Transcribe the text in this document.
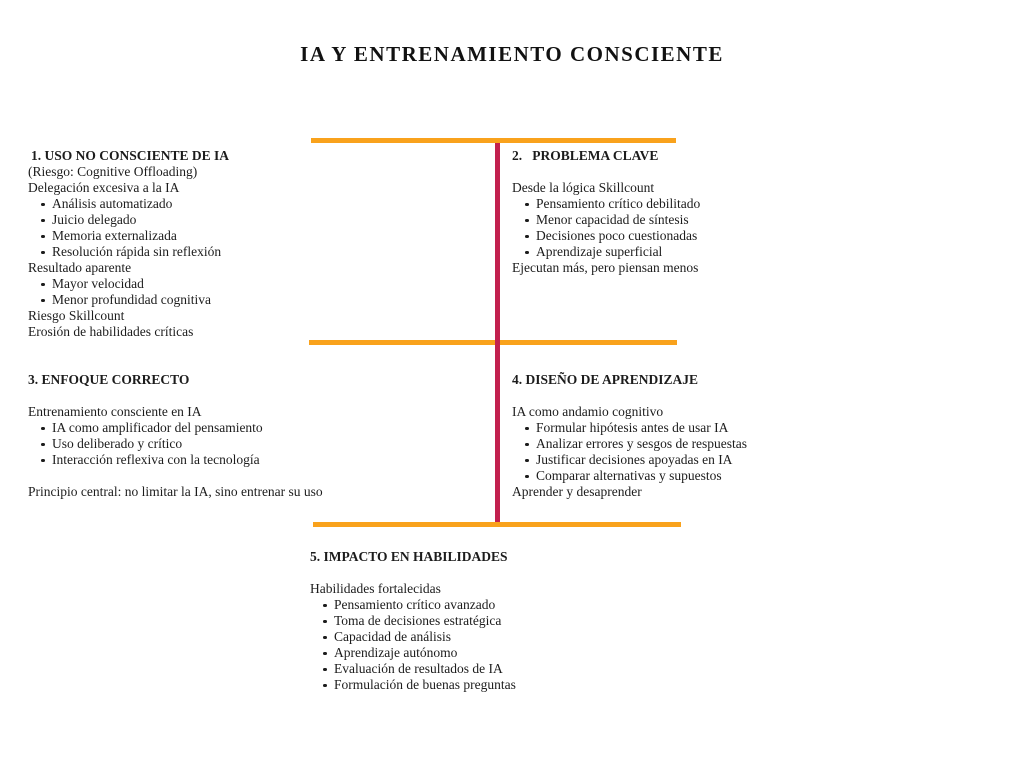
IA Y ENTRENAMIENTO CONSCIENTE
1. USO NO CONSCIENTE DE IA
(Riesgo: Cognitive Offloading)
Delegación excesiva a la IA
Análisis automatizado
Juicio delegado
Memoria externalizada
Resolución rápida sin reflexión
Resultado aparente
Mayor velocidad
Menor profundidad cognitiva
Riesgo Skillcount
Erosión de habilidades críticas
2.   PROBLEMA CLAVE
Desde la lógica Skillcount
Pensamiento crítico debilitado
Menor capacidad de síntesis
Decisiones poco cuestionadas
Aprendizaje superficial
Ejecutan más, pero piensan menos
3. ENFOQUE CORRECTO
Entrenamiento consciente en IA
IA como amplificador del pensamiento
Uso deliberado y crítico
Interacción reflexiva con la tecnología
Principio central: no limitar la IA, sino entrenar su uso
4. DISEÑO DE APRENDIZAJE
IA como andamio cognitivo
Formular hipótesis antes de usar IA
Analizar errores y sesgos de respuestas
Justificar decisiones apoyadas en IA
Comparar alternativas y supuestos
Aprender y desaprender
5. IMPACTO EN HABILIDADES
Habilidades fortalecidas
Pensamiento crítico avanzado
Toma de decisiones estratégica
Capacidad de análisis
Aprendizaje autónomo
Evaluación de resultados de IA
Formulación de buenas preguntas
